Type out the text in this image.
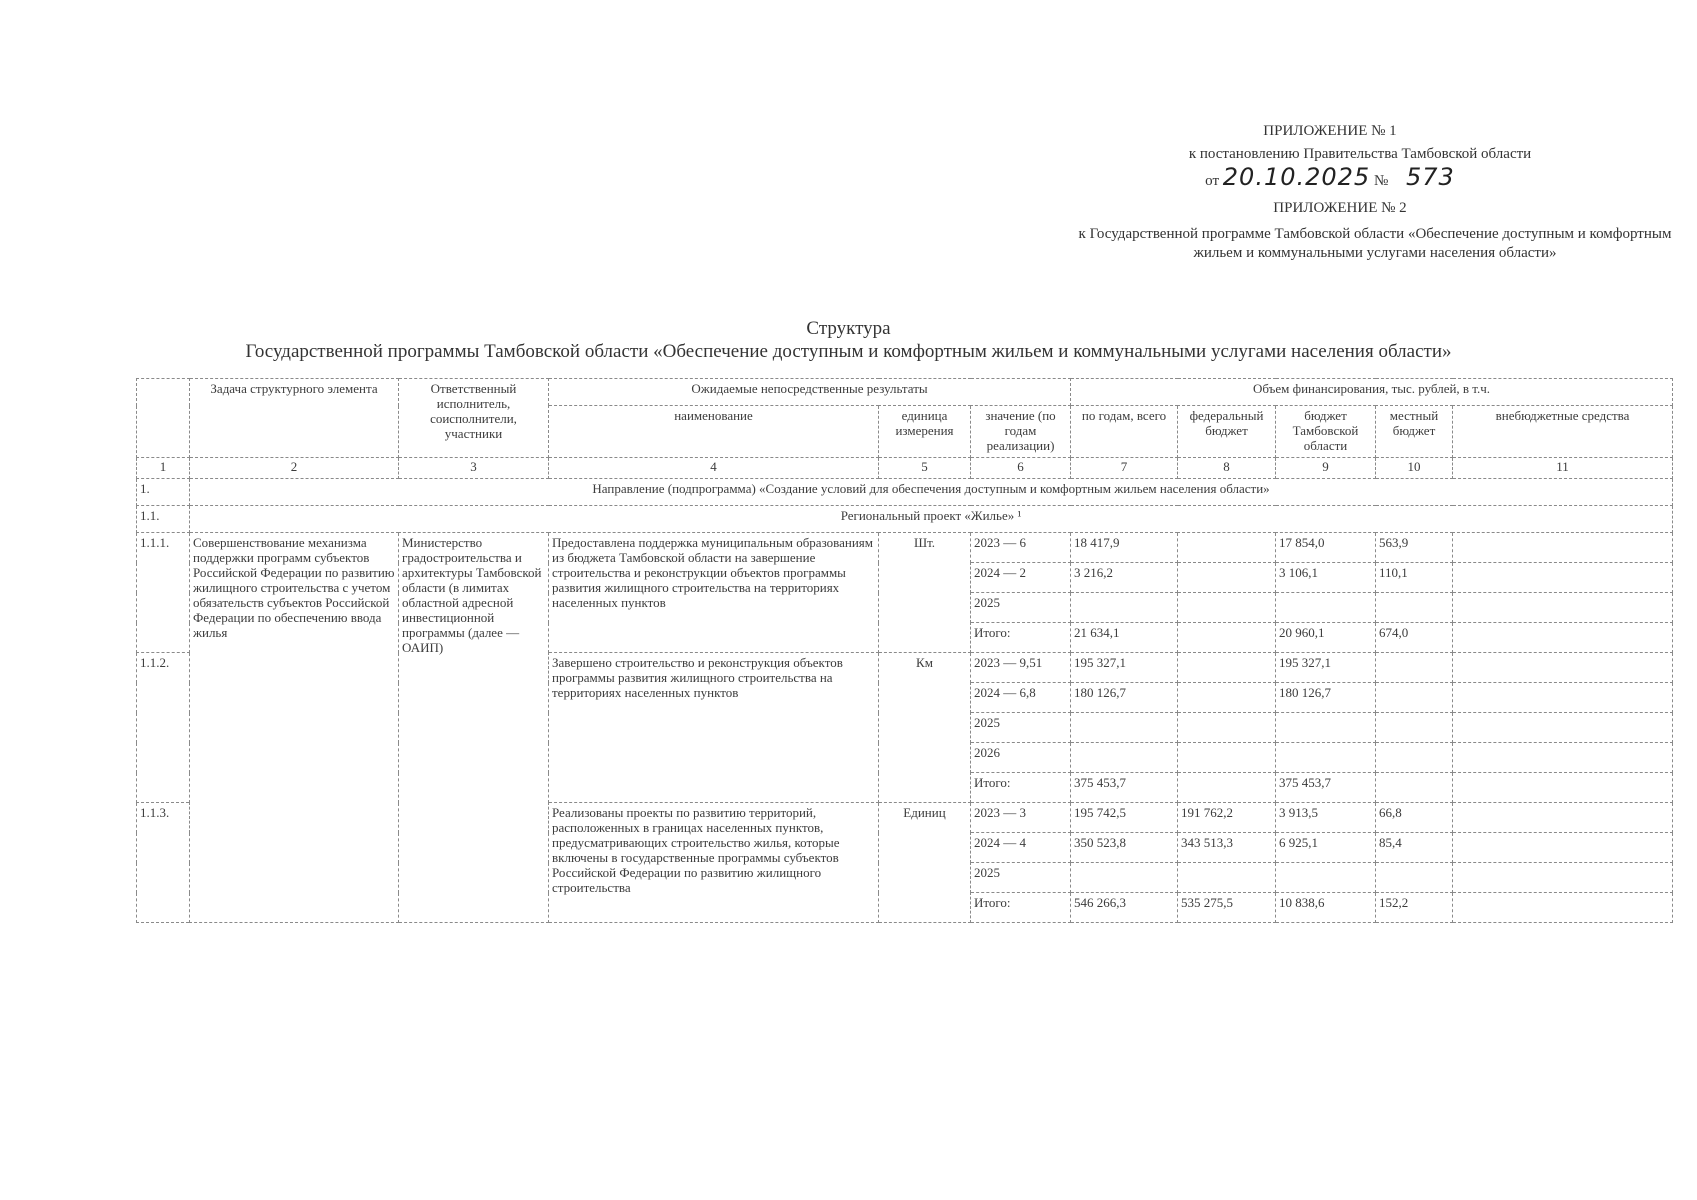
ПРИЛОЖЕНИЕ № 1
к постановлению Правительства Тамбовской области
от 20.10.2025 № 573
ПРИЛОЖЕНИЕ № 2
к Государственной программе Тамбовской области «Обеспечение доступным и комфортным жильем и коммунальными услугами населения области»
Структура
Государственной программы Тамбовской области «Обеспечение доступным и комфортным жильем и коммунальными услугами населения области»
	Задача структурного элемента	Ответственный исполнитель, соисполнители, участники	Ожидаемые непосредственные результаты			Объем финансирования, тыс. рублей, в т.ч.				
			наименование	единица измерения	значение (по годам реализации)	по годам, всего	федеральный бюджет	бюджет Тамбовской области	местный бюджет	внебюджетные средства
1	2	3	4	5	6	7	8	9	10	11
1.	Направление (подпрограмма) «Создание условий для обеспечения доступным и комфортным жильем населения области»									
1.1.	Региональный проект «Жилье» ¹									
1.1.1.	Совершенствование механизма поддержки программ субъектов Российской Федерации по развитию жилищного строительства с учетом обязательств субъектов Российской Федерации по обеспечению ввода жилья	Министерство градостроительства и архитектуры Тамбовской области (в лимитах областной адресной инвестиционной программы (далее — ОАИП)	Предоставлена поддержка муниципальным образованиям из бюджета Тамбовской области на завершение строительства и реконструкции объектов программы развития жилищного строительства на территориях населенных пунктов	Шт.	2023 — 6	18 417,9		17 854,0	563,9	
					2024 — 2	3 216,2		3 106,1	110,1	
					2025					
					Итого:	21 634,1		20 960,1	674,0	
1.1.2.			Завершено строительство и реконструкция объектов программы развития жилищного строительства на территориях населенных пунктов	Км	2023 — 9,51	195 327,1		195 327,1		
					2024 — 6,8	180 126,7		180 126,7		
					2025					
					2026					
					Итого:	375 453,7		375 453,7		
1.1.3.			Реализованы проекты по развитию территорий, расположенных в границах населенных пунктов, предусматривающих строительство жилья, которые включены в государственные программы субъектов Российской Федерации по развитию жилищного строительства	Единиц	2023 — 3	195 742,5	191 762,2	3 913,5	66,8	
					2024 — 4	350 523,8	343 513,3	6 925,1	85,4	
					2025					
					Итого:	546 266,3	535 275,5	10 838,6	152,2	
